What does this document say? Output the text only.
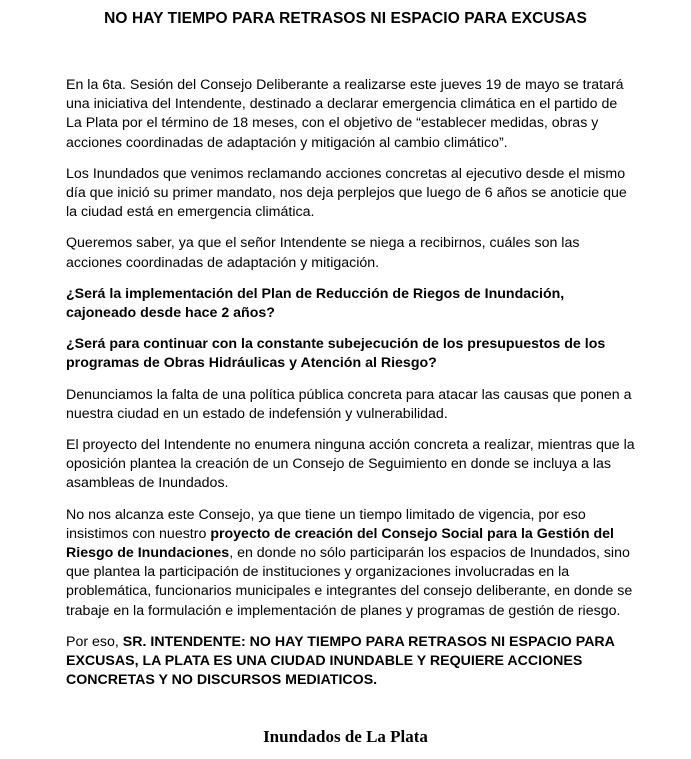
NO HAY TIEMPO PARA RETRASOS NI ESPACIO PARA EXCUSAS

En la 6ta. Sesión del Consejo Deliberante a realizarse este jueves 19 de mayo se tratará una iniciativa del Intendente, destinado a declarar emergencia climática en el partido de La Plata por el término de 18 meses, con el objetivo de “establecer medidas, obras y acciones coordinadas de adaptación y mitigación al cambio climático”.

Los Inundados que venimos reclamando acciones concretas al ejecutivo desde el mismo día que inició su primer mandato, nos deja perplejos que luego de 6 años se anoticie que la ciudad está en emergencia climática.

Queremos saber, ya que el señor Intendente se niega a recibirnos, cuáles son las acciones coordinadas de adaptación y mitigación.

¿Será la implementación del Plan de Reducción de Riegos de Inundación, cajoneado desde hace 2 años?

¿Será para continuar con la constante subejecución de los presupuestos de los programas de Obras Hidráulicas y Atención al Riesgo?

Denunciamos la falta de una política pública concreta para atacar las causas que ponen a nuestra ciudad en un estado de indefensión y vulnerabilidad.

El proyecto del Intendente no enumera ninguna acción concreta a realizar, mientras que la oposición plantea la creación de un Consejo de Seguimiento en donde se incluya a las asambleas de Inundados.

No nos alcanza este Consejo, ya que tiene un tiempo limitado de vigencia, por eso insistimos con nuestro proyecto de creación del Consejo Social para la Gestión del Riesgo de Inundaciones, en donde no sólo participarán los espacios de Inundados, sino que plantea la participación de instituciones y organizaciones involucradas en la problemática, funcionarios municipales e integrantes del consejo deliberante, en donde se trabaje en la formulación e implementación de planes y programas de gestión de riesgo.

Por eso, SR. INTENDENTE: NO HAY TIEMPO PARA RETRASOS NI ESPACIO PARA EXCUSAS, LA PLATA ES UNA CIUDAD INUNDABLE Y REQUIERE ACCIONES CONCRETAS Y NO DISCURSOS MEDIATICOS.

Inundados de La Plata
